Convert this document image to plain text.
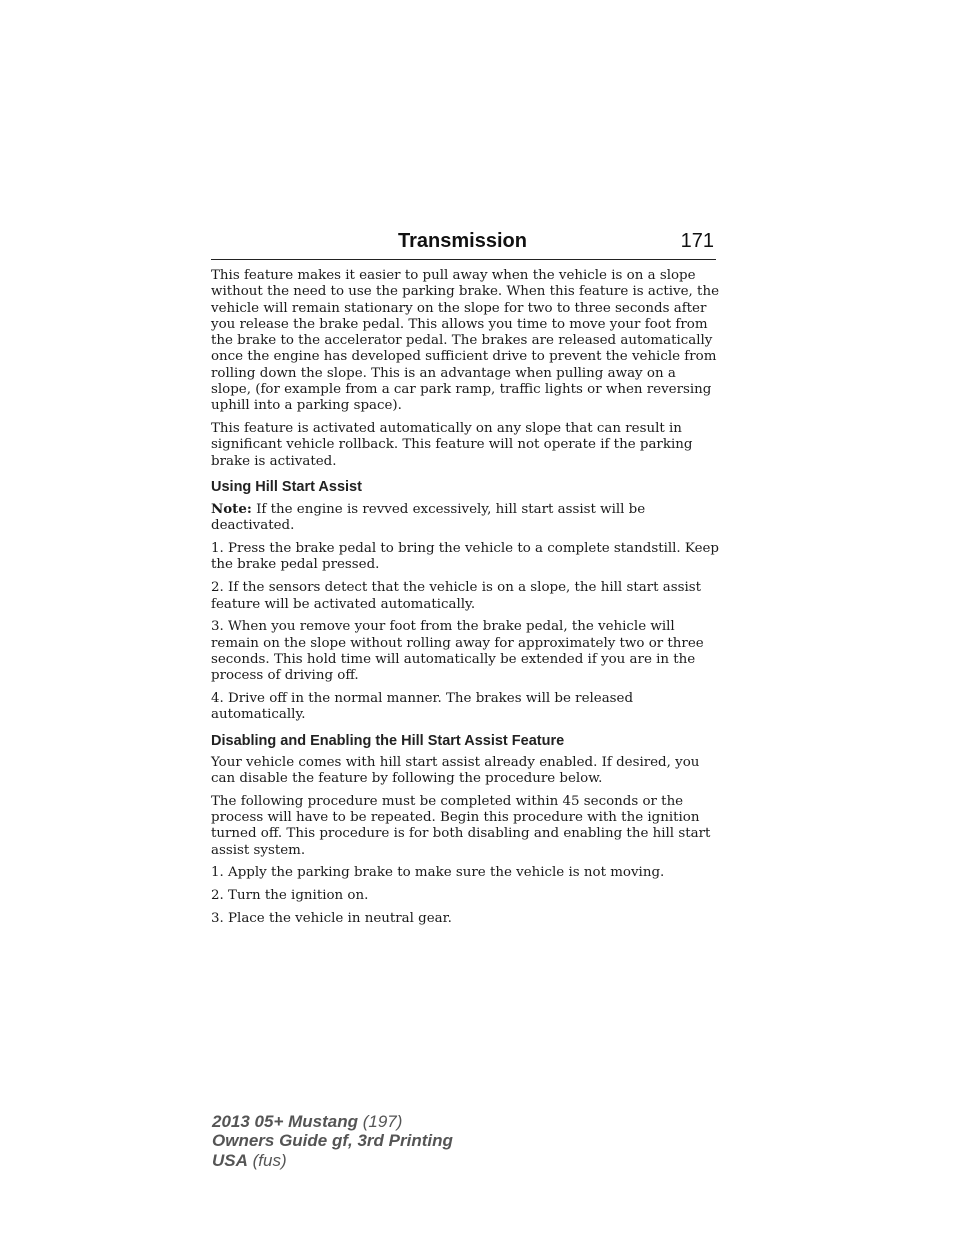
Transmission	171

This feature makes it easier to pull away when the vehicle is on a slope without the need to use the parking brake. When this feature is active, the vehicle will remain stationary on the slope for two to three seconds after you release the brake pedal. This allows you time to move your foot from the brake to the accelerator pedal. The brakes are released automatically once the engine has developed sufficient drive to prevent the vehicle from rolling down the slope. This is an advantage when pulling away on a slope, (for example from a car park ramp, traffic lights or when reversing uphill into a parking space).

This feature is activated automatically on any slope that can result in significant vehicle rollback. This feature will not operate if the parking brake is activated.

Using Hill Start Assist

Note: If the engine is revved excessively, hill start assist will be deactivated.

1. Press the brake pedal to bring the vehicle to a complete standstill. Keep the brake pedal pressed.

2. If the sensors detect that the vehicle is on a slope, the hill start assist feature will be activated automatically.

3. When you remove your foot from the brake pedal, the vehicle will remain on the slope without rolling away for approximately two or three seconds. This hold time will automatically be extended if you are in the process of driving off.

4. Drive off in the normal manner. The brakes will be released automatically.

Disabling and Enabling the Hill Start Assist Feature

Your vehicle comes with hill start assist already enabled. If desired, you can disable the feature by following the procedure below.

The following procedure must be completed within 45 seconds or the process will have to be repeated. Begin this procedure with the ignition turned off. This procedure is for both disabling and enabling the hill start assist system.

1. Apply the parking brake to make sure the vehicle is not moving.

2. Turn the ignition on.

3. Place the vehicle in neutral gear.

2013 05+ Mustang (197)
Owners Guide gf, 3rd Printing
USA (fus)
